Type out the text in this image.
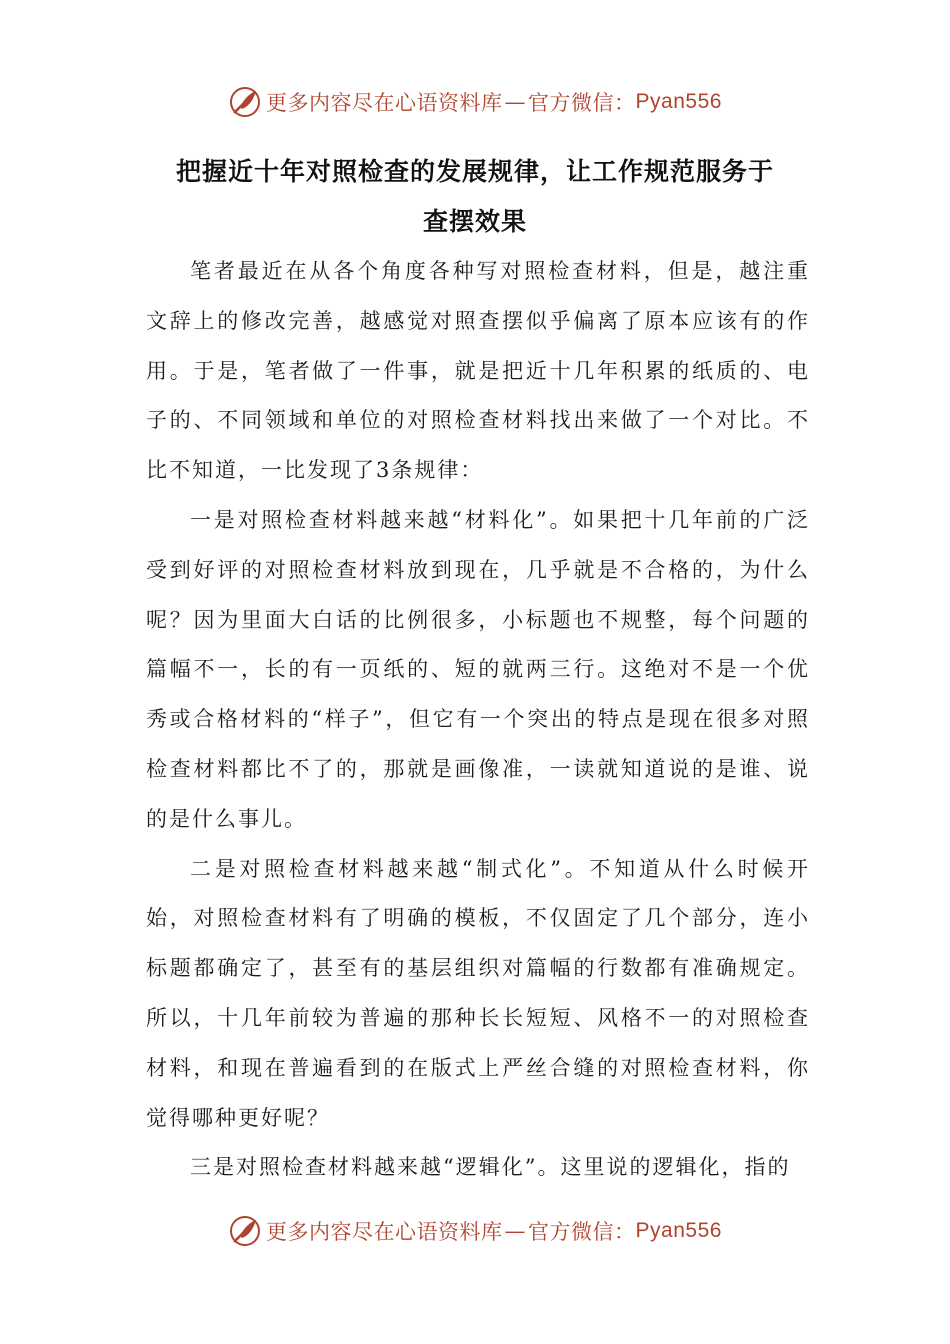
更多内容尽在心语资料库 — 官方微信： Pyan556
把握近十年对照检查的发展规律，让工作规范服务于
查摆效果

笔者最近在从各个角度各种写对照检查材料，但是，越注重文辞上的修改完善，越感觉对照查摆似乎偏离了原本应该有的作用。于是，笔者做了一件事，就是把近十几年积累的纸质的、电子的、不同领域和单位的对照检查材料找出来做了一个对比。不比不知道，一比发现了3条规律：

一是对照检查材料越来越“材料化”。如果把十几年前的广泛受到好评的对照检查材料放到现在，几乎就是不合格的，为什么呢？因为里面大白话的比例很多，小标题也不规整，每个问题的篇幅不一，长的有一页纸的、短的就两三行。这绝对不是一个优秀或合格材料的“样子”，但它有一个突出的特点是现在很多对照检查材料都比不了的，那就是画像准，一读就知道说的是谁、说的是什么事儿。

二是对照检查材料越来越“制式化”。不知道从什么时候开始，对照检查材料有了明确的模板，不仅固定了几个部分，连小标题都确定了，甚至有的基层组织对篇幅的行数都有准确规定。所以，十几年前较为普遍的那种长长短短、风格不一的对照检查材料，和现在普遍看到的在版式上严丝合缝的对照检查材料，你觉得哪种更好呢？

三是对照检查材料越来越“逻辑化”。这里说的逻辑化，指的

更多内容尽在心语资料库 — 官方微信： Pyan556
